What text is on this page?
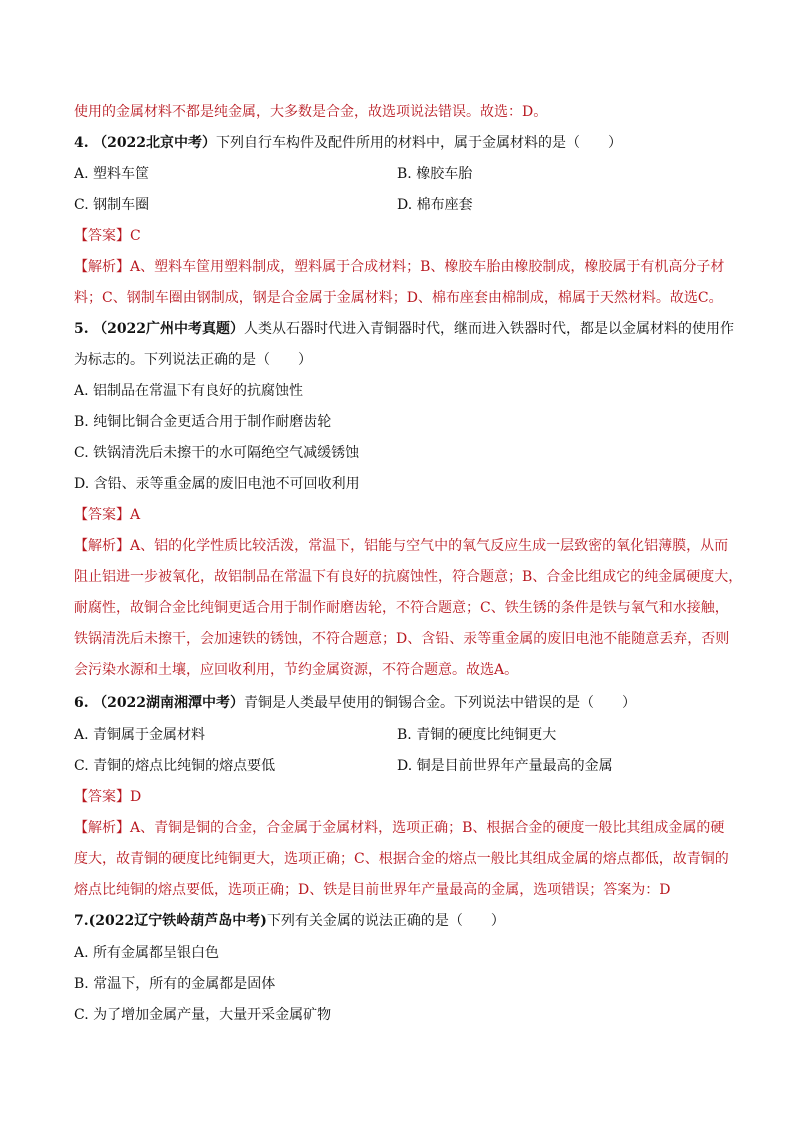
使用的金属材料不都是纯金属，大多数是合金，故选项说法错误。故选：D。
4. （2022北京中考）下列自行车构件及配件所用的材料中，属于金属材料的是（　　）
A. 塑料车筐	B. 橡胶车胎
C. 钢制车圈	D. 棉布座套
【答案】C
【解析】A、塑料车筐用塑料制成，塑料属于合成材料；B、橡胶车胎由橡胶制成，橡胶属于有机高分子材
料；C、钢制车圈由钢制成，钢是合金属于金属材料；D、棉布座套由棉制成，棉属于天然材料。故选C。
5. （2022广州中考真题）人类从石器时代进入青铜器时代，继而进入铁器时代，都是以金属材料的使用作
为标志的。下列说法正确的是（　　）
A. 铝制品在常温下有良好的抗腐蚀性
B. 纯铜比铜合金更适合用于制作耐磨齿轮
C. 铁锅清洗后未擦干的水可隔绝空气减缓锈蚀
D. 含铅、汞等重金属的废旧电池不可回收利用
【答案】A
【解析】A、铝的化学性质比较活泼，常温下，铝能与空气中的氧气反应生成一层致密的氧化铝薄膜，从而
阻止铝进一步被氧化，故铝制品在常温下有良好的抗腐蚀性，符合题意；B、合金比组成它的纯金属硬度大，
耐腐性，故铜合金比纯铜更适合用于制作耐磨齿轮，不符合题意；C、铁生锈的条件是铁与氧气和水接触，
铁锅清洗后未擦干，会加速铁的锈蚀，不符合题意；D、含铅、汞等重金属的废旧电池不能随意丢弃，否则
会污染水源和土壤，应回收利用，节约金属资源，不符合题意。故选A。
6. （2022湖南湘潭中考）青铜是人类最早使用的铜锡合金。下列说法中错误的是（　　）
A. 青铜属于金属材料	B. 青铜的硬度比纯铜更大
C. 青铜的熔点比纯铜的熔点要低	D. 铜是目前世界年产量最高的金属
【答案】D
【解析】A、青铜是铜的合金，合金属于金属材料，选项正确；B、根据合金的硬度一般比其组成金属的硬
度大，故青铜的硬度比纯铜更大，选项正确；C、根据合金的熔点一般比其组成金属的熔点都低，故青铜的
熔点比纯铜的熔点要低，选项正确；D、铁是目前世界年产量最高的金属，选项错误；答案为：D
7.(2022辽宁铁岭葫芦岛中考)下列有关金属的说法正确的是（　　）
A. 所有金属都呈银白色
B. 常温下，所有的金属都是固体
C. 为了增加金属产量，大量开采金属矿物
